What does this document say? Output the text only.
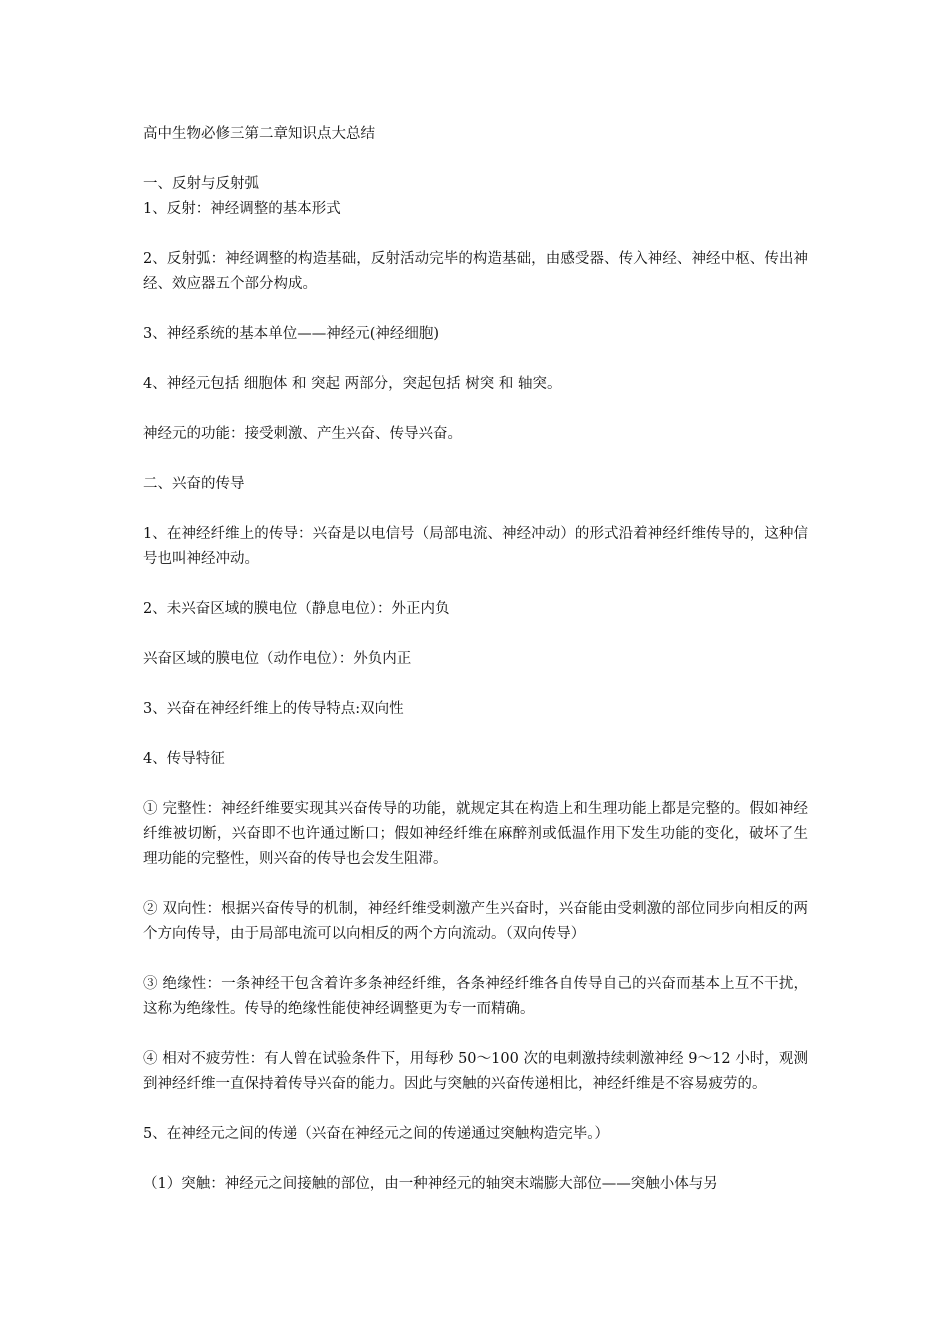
高中生物必修三第二章知识点大总结

一、反射与反射弧

1、反射：神经调整的基本形式

2、反射弧：神经调整的构造基础，反射活动完毕的构造基础，由感受器、传入神经、神经中枢、传出神经、效应器五个部分构成。

3、神经系统的基本单位——神经元(神经细胞)

4、神经元包括 细胞体 和 突起 两部分，突起包括 树突 和 轴突。

神经元的功能：接受刺激、产生兴奋、传导兴奋。

二、兴奋的传导

1、在神经纤维上的传导：兴奋是以电信号（局部电流、神经冲动）的形式沿着神经纤维传导的，这种信号也叫神经冲动。

2、未兴奋区域的膜电位（静息电位）：外正内负

兴奋区域的膜电位（动作电位）：外负内正

3、兴奋在神经纤维上的传导特点:双向性

4、传导特征

① 完整性：神经纤维要实现其兴奋传导的功能，就规定其在构造上和生理功能上都是完整的。假如神经纤维被切断，兴奋即不也许通过断口；假如神经纤维在麻醉剂或低温作用下发生功能的变化，破坏了生理功能的完整性，则兴奋的传导也会发生阻滞。

② 双向性：根据兴奋传导的机制，神经纤维受刺激产生兴奋时，兴奋能由受刺激的部位同步向相反的两个方向传导，由于局部电流可以向相反的两个方向流动。（双向传导）

③ 绝缘性：一条神经干包含着许多条神经纤维，各条神经纤维各自传导自己的兴奋而基本上互不干扰，这称为绝缘性。传导的绝缘性能使神经调整更为专一而精确。

④ 相对不疲劳性：有人曾在试验条件下，用每秒 50～100 次的电刺激持续刺激神经 9～12 小时，观测到神经纤维一直保持着传导兴奋的能力。因此与突触的兴奋传递相比，神经纤维是不容易疲劳的。

5、在神经元之间的传递（兴奋在神经元之间的传递通过突触构造完毕。）

（1）突触：神经元之间接触的部位，由一种神经元的轴突末端膨大部位——突触小体与另
